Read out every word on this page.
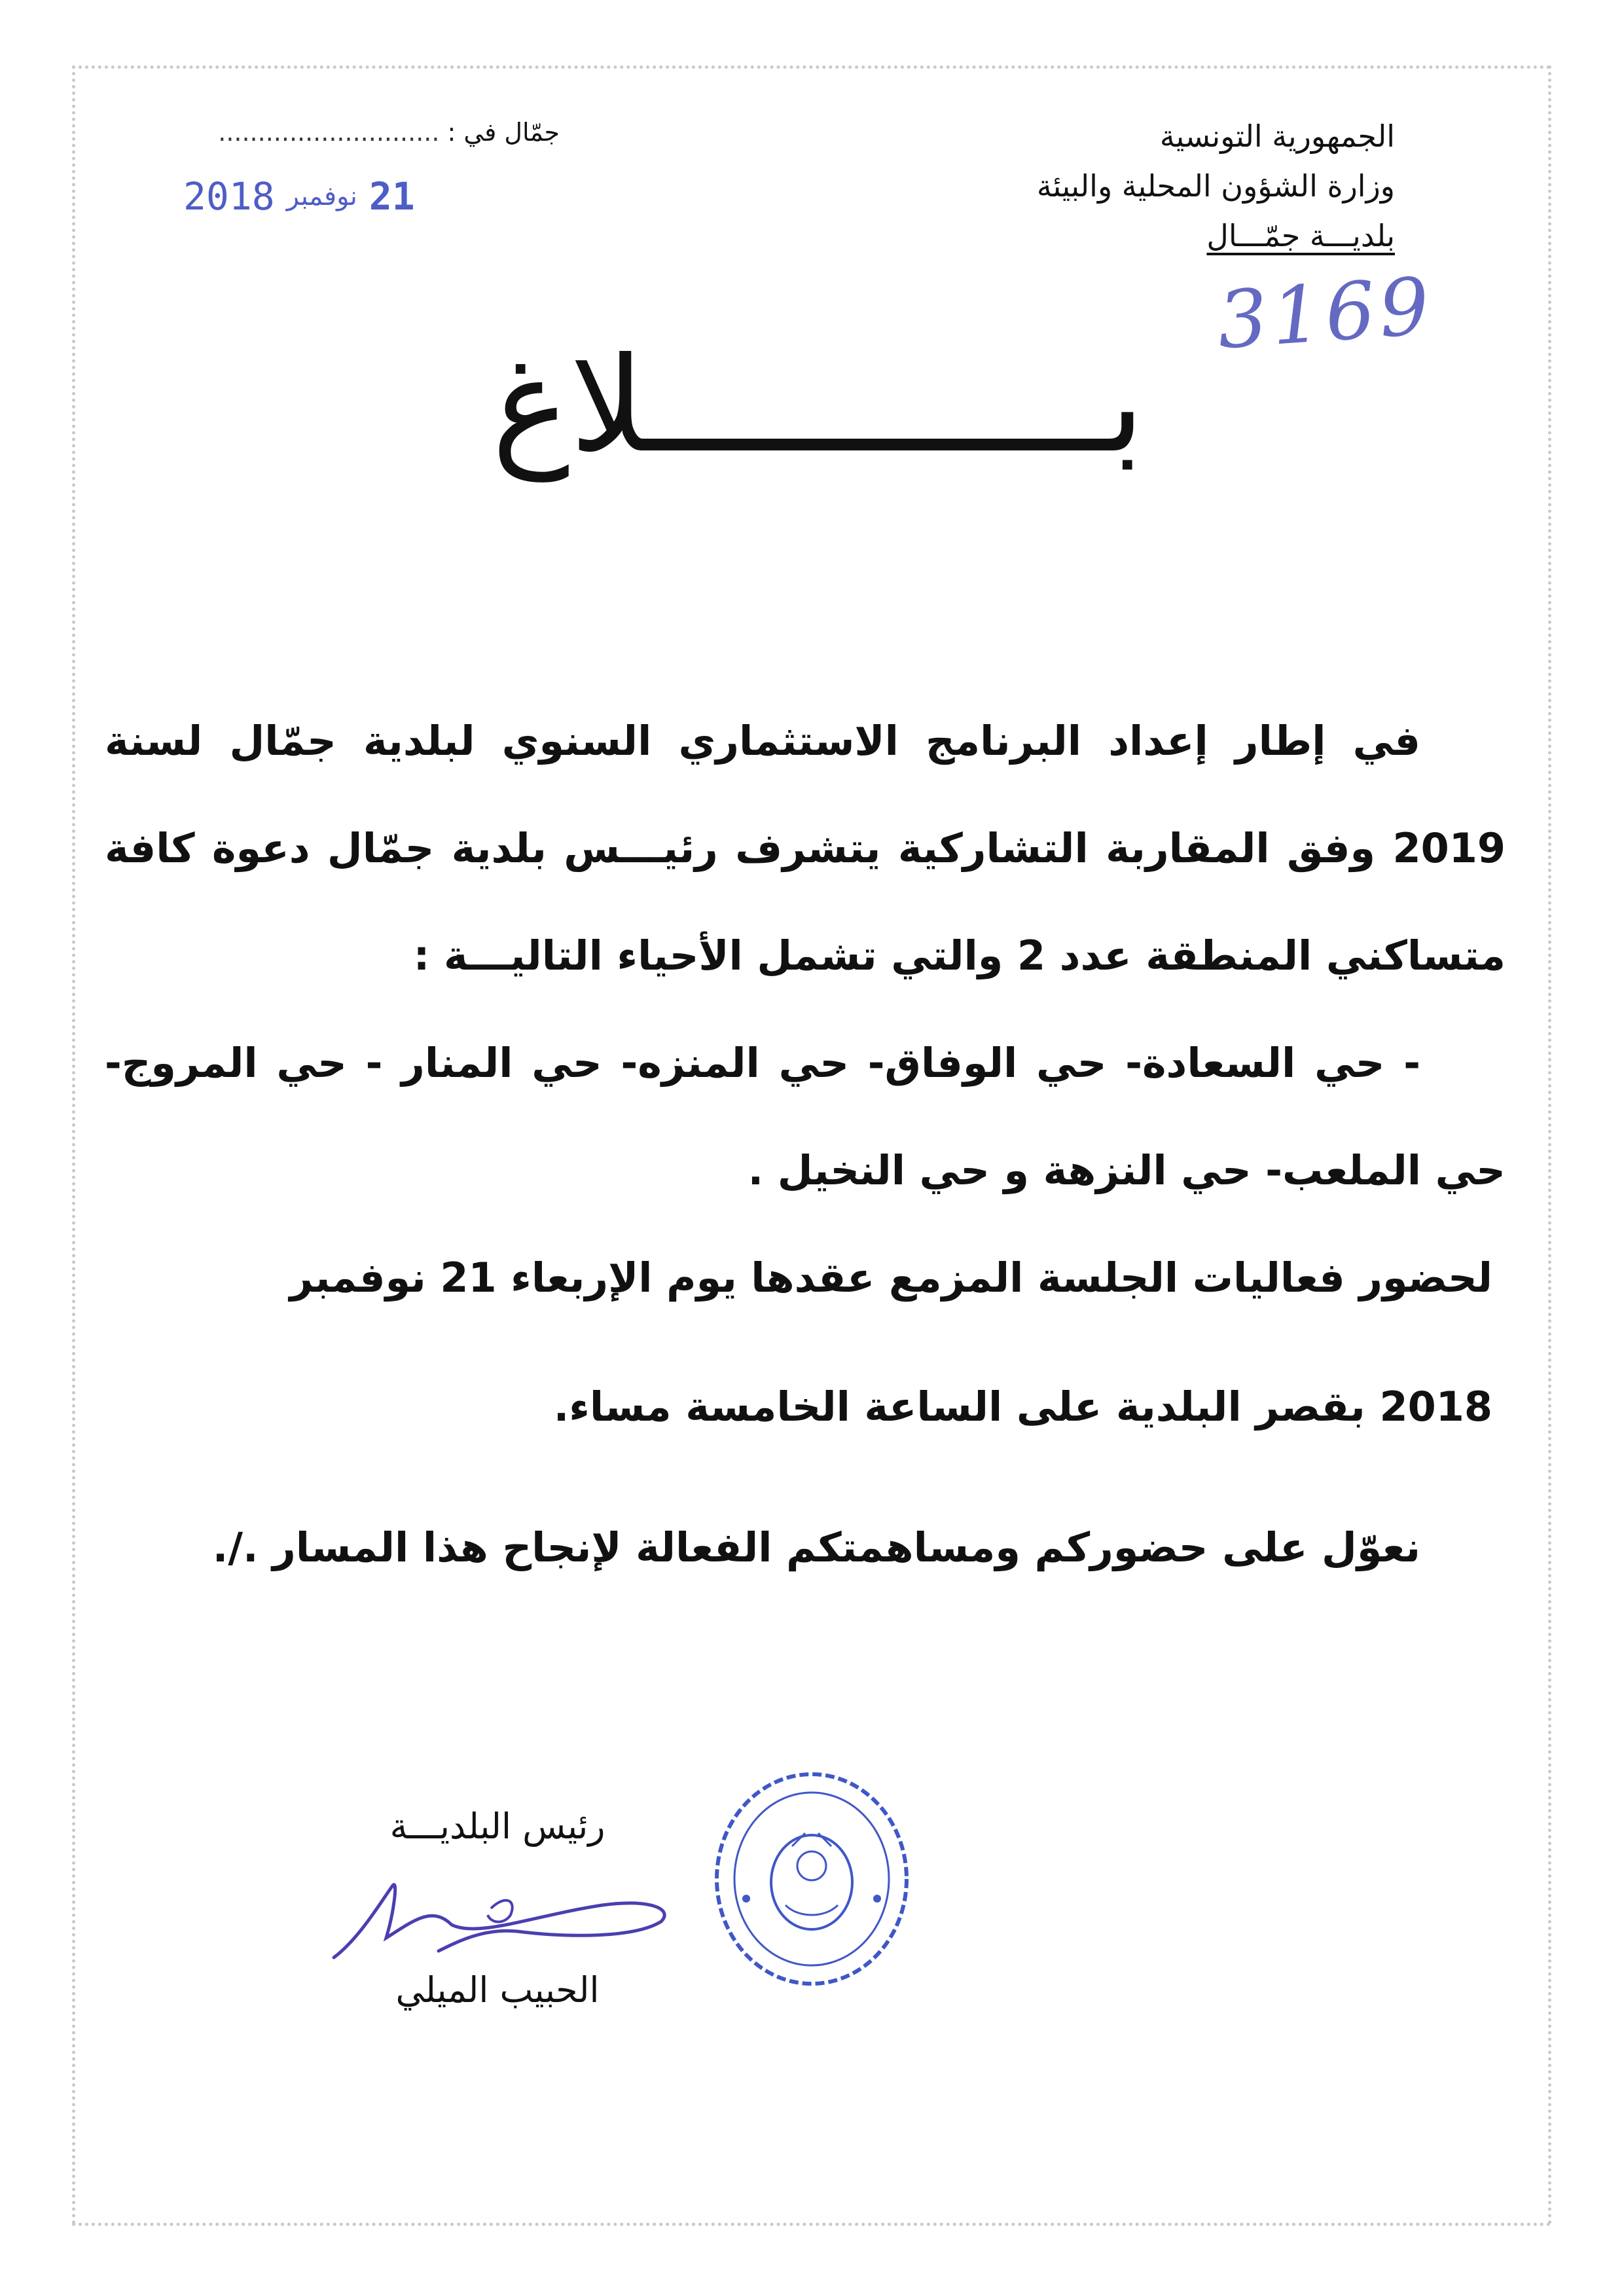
الجمهورية التونسية
وزارة الشؤون المحلية والبيئة
بلديـــة جمّـــال
جمّال في : ............................
2018 نوفمبر 21
3169
بــــــــــــلاغ

في إطار إعداد البرنامج الاستثماري السنوي لبلدية جمّال لسنة 2019 وفق المقاربة التشاركية يتشرف رئيـــس بلدية جمّال دعوة كافة متساكني المنطقة عدد 2 والتي تشمل الأحياء التاليـــة :

- حي السعادة- حي الوفاق- حي المنزه- حي المنار - حي المروج- حي الملعب- حي النزهة و حي النخيل .

لحضور فعاليات الجلسة المزمع عقدها يوم الإربعاء 21 نوفمبر

2018 بقصر البلدية على الساعة الخامسة مساء.

نعوّل على حضوركم ومساهمتكم الفعالة لإنجاح هذا المسار ./.

رئيس البلديـــة
الحبيب الميلي
